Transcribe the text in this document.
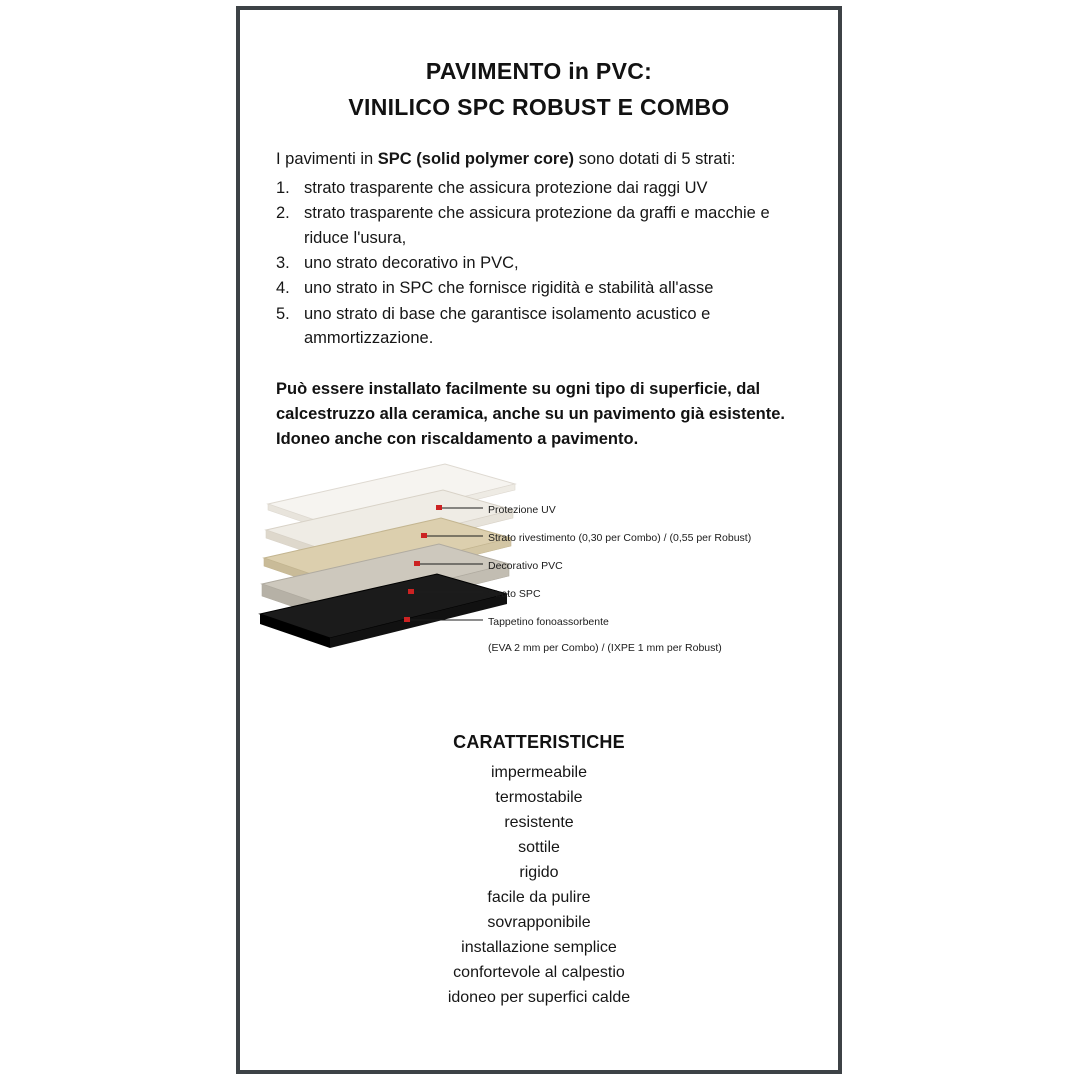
PAVIMENTO in PVC:
VINILICO SPC ROBUST E COMBO
I pavimenti in SPC (solid polymer core) sono dotati di 5 strati:
1. strato trasparente che assicura protezione dai raggi UV
2. strato trasparente che assicura protezione da graffi e macchie e riduce l'usura,
3. uno strato decorativo in PVC,
4. uno strato in SPC che fornisce rigidità e stabilità all'asse
5. uno strato di base che garantisce isolamento acustico e ammortizzazione.
Può essere installato facilmente su ogni tipo di superficie, dal calcestruzzo alla ceramica, anche su un pavimento già esistente. Idoneo anche con riscaldamento a pavimento.
Protezione UV
Strato rivestimento (0,30 per Combo) / (0,55 per Robust)
Decorativo PVC
Strato SPC
Tappetino fonoassorbente
(EVA 2 mm per Combo) / (IXPE 1 mm per Robust)
CARATTERISTICHE
impermeabile
termostabile
resistente
sottile
rigido
facile da pulire
sovrapponibile
installazione semplice
confortevole al calpestio
idoneo per superfici calde
